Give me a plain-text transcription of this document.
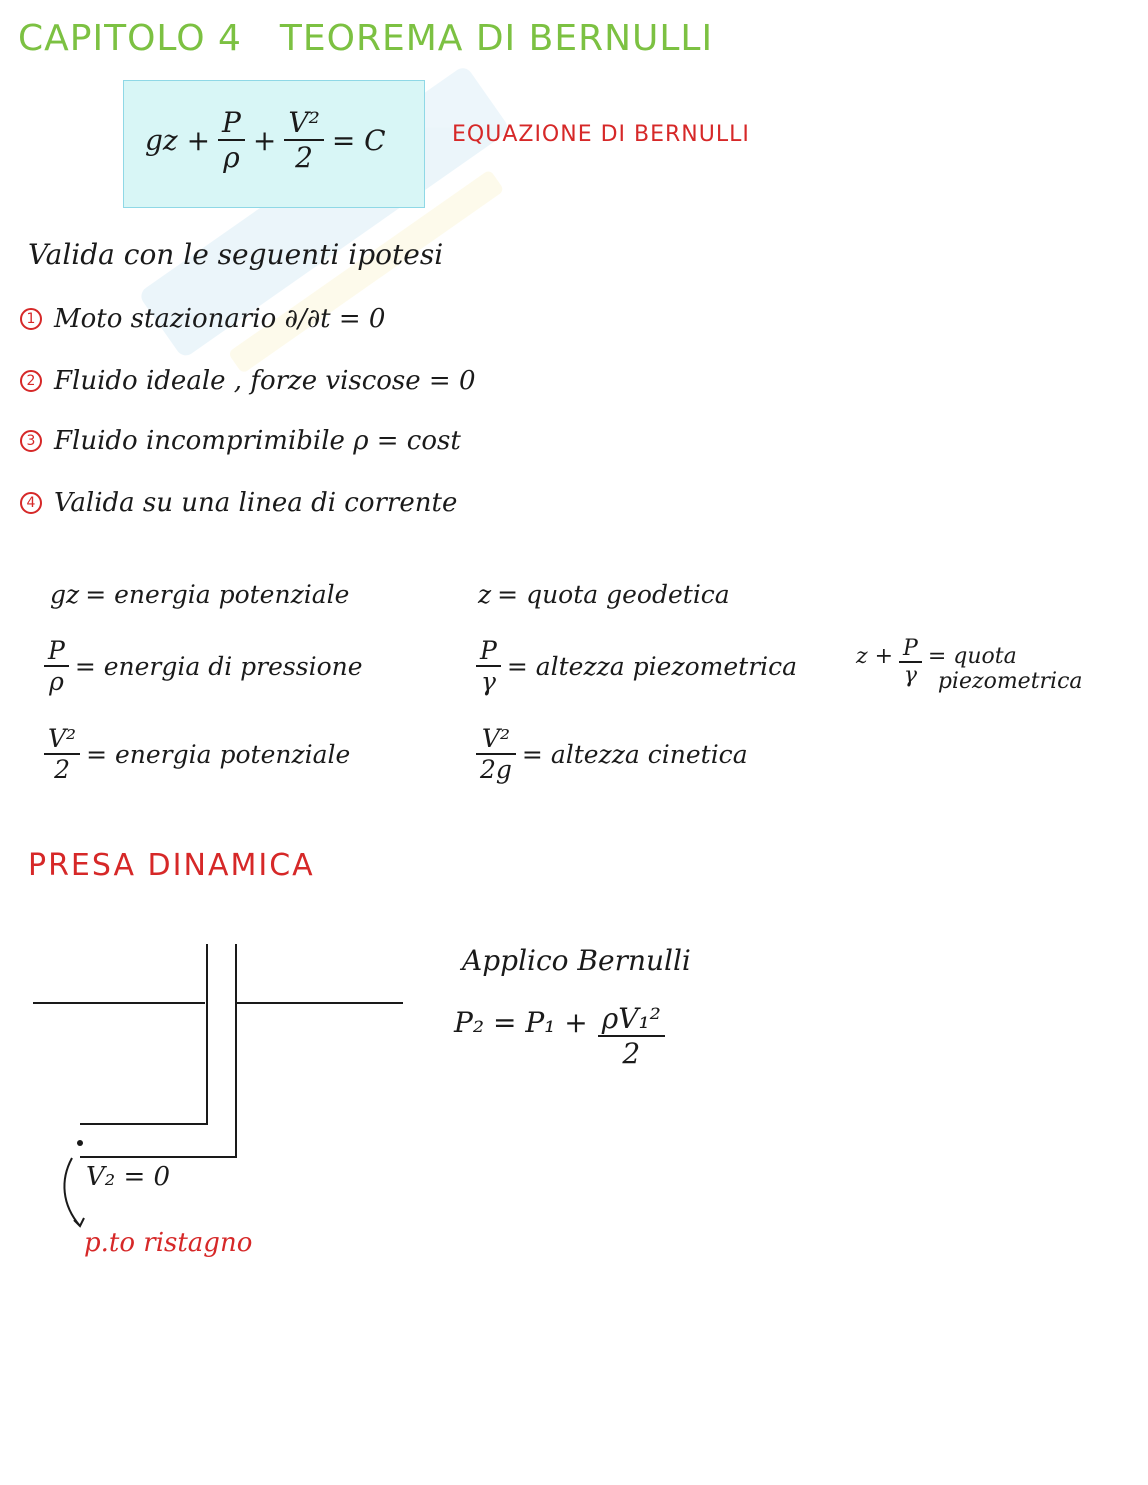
CAPITOLO 4 TEOREMA DI BERNULLI
gz + $\frac{P}{\rho} + \frac{\text{V²}}{2} = C$	EQUAZIONE DI BERNULLI
Valida con le seguenti ipotesi
1 Moto stazionario ∂/∂t = 0
2 Fluido ideale , forze viscose = 0
3 Fluido incomprimibile ρ = cost
4 Valida su una linea di corrente
gz = energia potenziale
$\frac{P}{\rho}$ = energia di pressione
$\frac{\text{V²}}{2}$ = energia potenziale
z = quota geodetica
$\frac{P}{\gamma}$ = altezza piezometrica
$\frac{\text{V²}}{2g}$ = altezza cinetica
$z + \frac{P}{\gamma}$ = quota
piezometrica
PRESA DINAMICA
V₂ = 0
p.to ristagno
Applico Bernulli
$P_2 = P_1 + \frac{\text{ρV₁²}}{2}$
